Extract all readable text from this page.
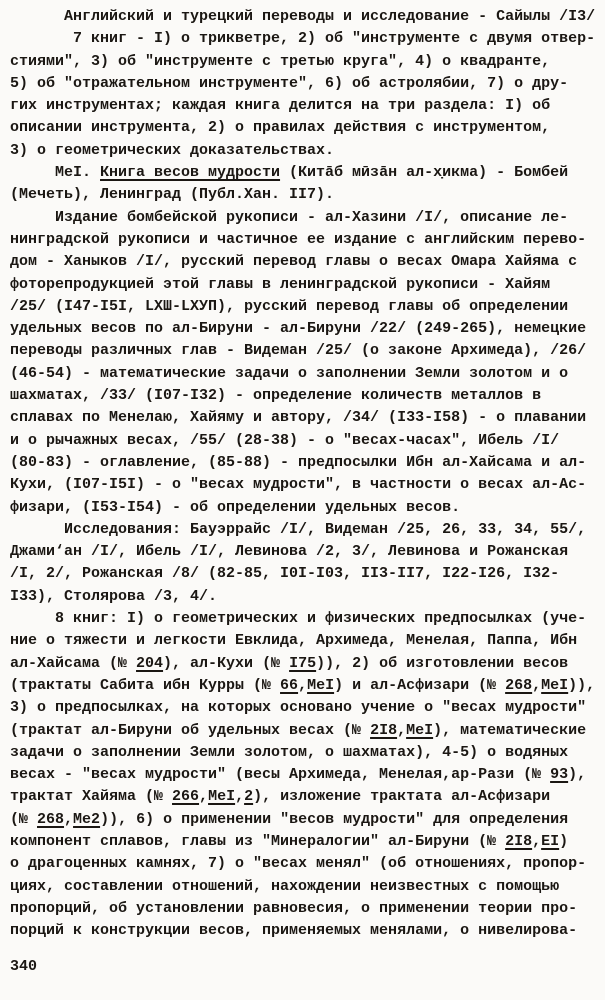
Английский и турецкий переводы и исследование - Сайылы /I3/
7 книг - I) о трикветре, 2) об "инструменте с двумя отвер-
стиями", 3) об "инструменте с третью круга", 4) о квадранте,
5) об "отражательном инструменте", 6) об астролябии, 7) о дру-
гих инструментах; каждая книга делится на три раздела: I) об
описании инструмента, 2) о правилах действия с инструментом,
3) о геометрических доказательствах.
МеI. Книга весов мудрости (Китāб мӣзāн ал-х̣икма) - Бомбей
(Мечеть), Ленинград (Публ.Хан. II7).
Издание бомбейской рукописи - ал-Хазини /I/, описание ле-
нинградской рукописи и частичное ее издание с английским перево-
дом - Ханыков /I/, русский перевод главы о весах Омара Хайяма с
фоторепродукцией этой главы в ленинградской рукописи - Хайям
/25/ (I47-I5I, LХШ-LХУП), русский перевод главы об определении
удельных весов по ал-Бируни - ал-Бируни /22/ (249-265), немецкие
переводы различных глав - Видеман /25/ (о законе Архимеда), /26/
(46-54) - математические задачи о заполнении Земли золотом и о
шахматах, /33/ (I07-I32) - определение количеств металлов в
сплавах по Менелаю, Хайяму и автору, /34/ (I33-I58) - о плавании
и о рычажных весах, /55/ (28-38) - о "весах-часах", Ибель /I/
(80-83) - оглавление, (85-88) - предпосылки Ибн ал-Хайсама и ал-
Кухи, (I07-I5I) - о "весах мудрости", в частности о весах ал-Ас-
физари, (I53-I54) - об определении удельных весов.
Исследования: Бауэррайс /I/, Видеман /25, 26, 33, 34, 55/,
Джами‘ан /I/, Ибель /I/, Левинова /2, 3/, Левинова и Рожанская
/I, 2/, Рожанская /8/ (82-85, I0I-I03, II3-II7, I22-I26, I32-
I33), Столярова /3, 4/.
8 книг: I) о геометрических и физических предпосылках (уче-
ние о тяжести и легкости Евклида, Архимеда, Менелая, Паппа, Ибн
ал-Хайсама (№ 204), ал-Кухи (№ I75)), 2) об изготовлении весов
(трактаты Сабита ибн Курры (№ 66,МеI) и ал-Асфизари (№ 268,МеI)),
3) о предпосылках, на которых основано учение о "весах мудрости"
(трактат ал-Бируни об удельных весах (№ 2I8,МеI), математические
задачи о заполнении Земли золотом, о шахматах), 4-5) о водяных
весах - "весах мудрости" (весы Архимеда, Менелая,ар-Рази (№ 93),
трактат Хайяма (№ 266,МеI,2), изложение трактата ал-Асфизари
(№ 268,Ме2)), 6) о применении "весов мудрости" для определения
компонент сплавов, главы из "Минералогии" ал-Бируни (№ 2I8,ЕI)
о драгоценных камнях, 7) о "весах менял" (об отношениях, пропор-
циях, составлении отношений, нахождении неизвестных с помощью
пропорций, об установлении равновесия, о применении теории про-
порций к конструкции весов, применяемых менялами, о нивелирова-
340
